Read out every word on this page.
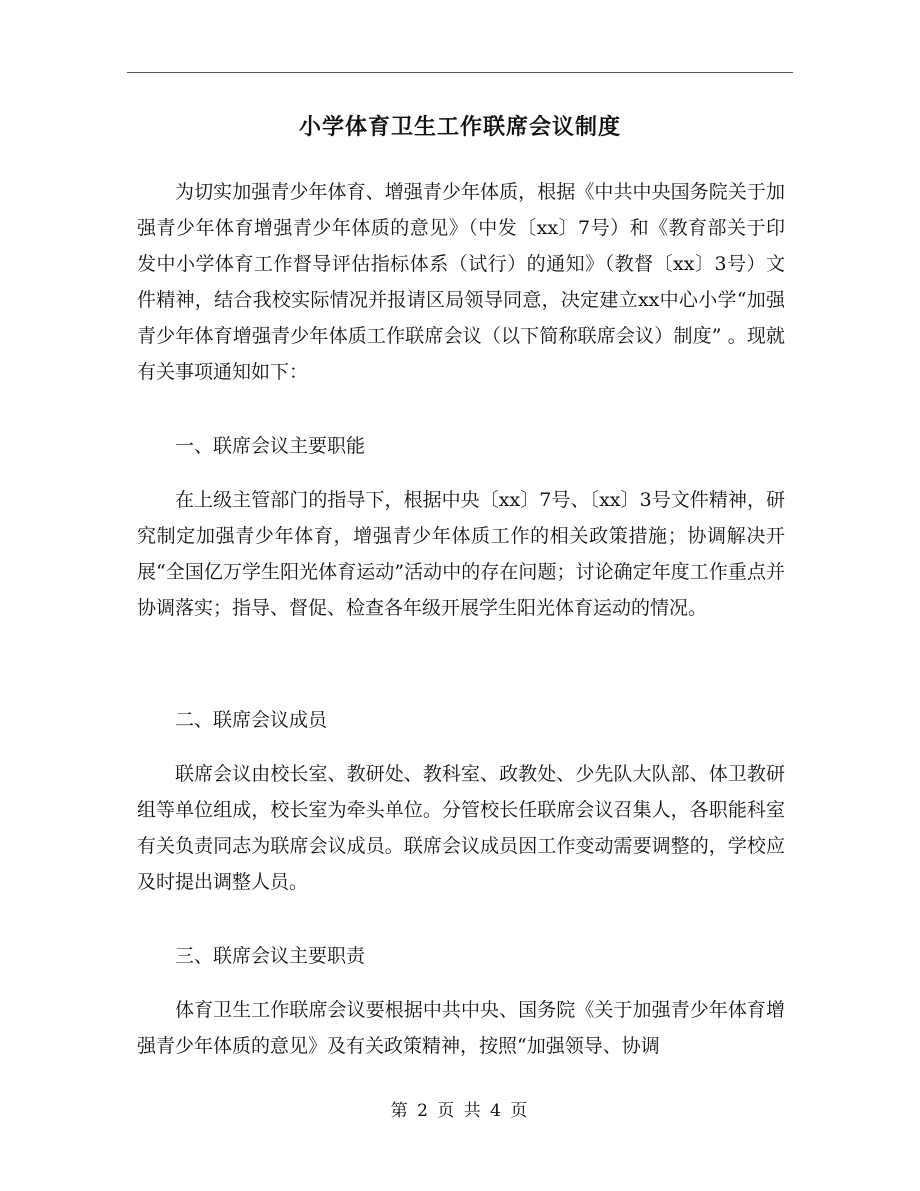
小学体育卫生工作联席会议制度

为切实加强青少年体育、增强青少年体质，根据《中共中央国务院关于加强青少年体育增强青少年体质的意见》（中发〔xx〕7号）和《教育部关于印发中小学体育工作督导评估指标体系（试行）的通知》（教督〔xx〕3号）文件精神，结合我校实际情况并报请区局领导同意，决定建立xx中心小学“加强青少年体育增强青少年体质工作联席会议（以下简称联席会议）制度” 。现就有关事项通知如下：

一、联席会议主要职能

在上级主管部门的指导下，根据中央〔xx〕7号、〔xx〕3号文件精神，研究制定加强青少年体育，增强青少年体质工作的相关政策措施；协调解决开展“全国亿万学生阳光体育运动”活动中的存在问题；讨论确定年度工作重点并协调落实；指导、督促、检查各年级开展学生阳光体育运动的情况。

二、联席会议成员

联席会议由校长室、教研处、教科室、政教处、少先队大队部、体卫教研组等单位组成，校长室为牵头单位。分管校长任联席会议召集人，各职能科室有关负责同志为联席会议成员。联席会议成员因工作变动需要调整的，学校应及时提出调整人员。

三、联席会议主要职责

体育卫生工作联席会议要根据中共中央、国务院《关于加强青少年体育增强青少年体质的意见》及有关政策精神，按照“加强领导、协调

第 2 页 共 4 页
